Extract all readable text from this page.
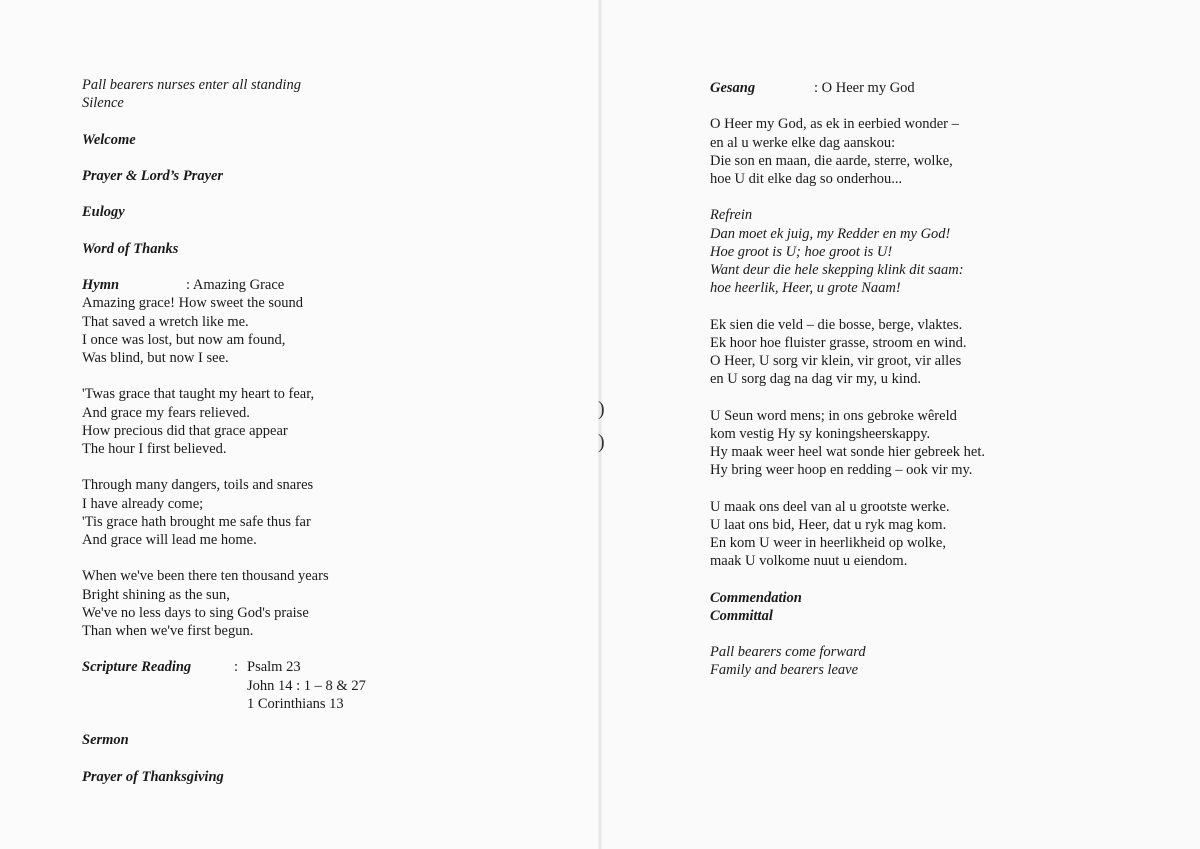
)
)
Pall bearers nurses enter all standing
Silence
Welcome
Prayer & Lord’s Prayer
Eulogy
Word of Thanks
Hymn	: Amazing Grace
Amazing grace! How sweet the sound
That saved a wretch like me.
I once was lost, but now am found,
Was blind, but now I see.
'Twas grace that taught my heart to fear,
And grace my fears relieved.
How precious did that grace appear
The hour I first believed.
Through many dangers, toils and snares
I have already come;
'Tis grace hath brought me safe thus far
And grace will lead me home.
When we've been there ten thousand years
Bright shining as the sun,
We've no less days to sing God's praise
Than when we've first begun.
Scripture Reading	: Psalm 23
John 14 : 1 – 8 & 27
1 Corinthians 13
Sermon
Prayer of Thanksgiving
Gesang	: O Heer my God
O Heer my God, as ek in eerbied wonder –
en al u werke elke dag aanskou:
Die son en maan, die aarde, sterre, wolke,
hoe U dit elke dag so onderhou...
Refrein
Dan moet ek juig, my Redder en my God!
Hoe groot is U; hoe groot is U!
Want deur die hele skepping klink dit saam:
hoe heerlik, Heer, u grote Naam!
Ek sien die veld – die bosse, berge, vlaktes.
Ek hoor hoe fluister grasse, stroom en wind.
O Heer, U sorg vir klein, vir groot, vir alles
en U sorg dag na dag vir my, u kind.
U Seun word mens; in ons gebroke wêreld
kom vestig Hy sy koningsheerskappy.
Hy maak weer heel wat sonde hier gebreek het.
Hy bring weer hoop en redding – ook vir my.
U maak ons deel van al u grootste werke.
U laat ons bid, Heer, dat u ryk mag kom.
En kom U weer in heerlikheid op wolke,
maak U volkome nuut u eiendom.
Commendation
Committal
Pall bearers come forward
Family and bearers leave
